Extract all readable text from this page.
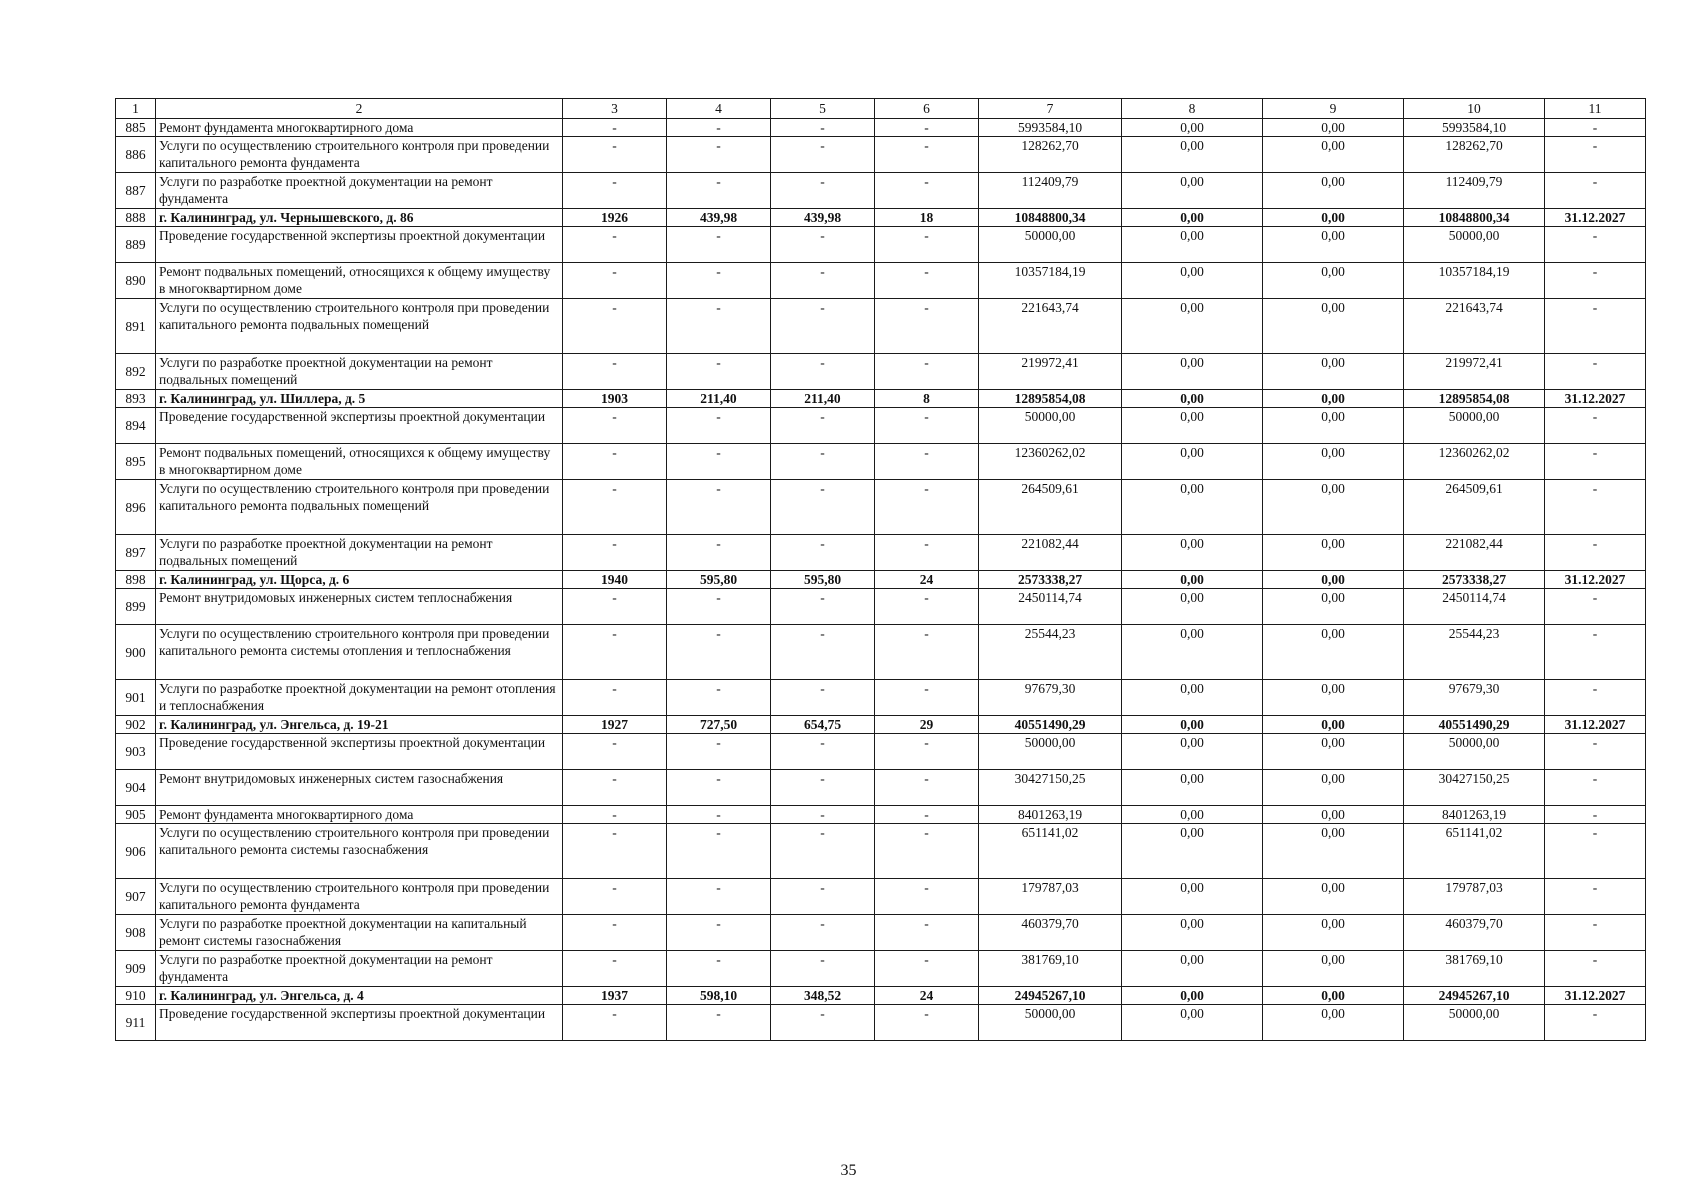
1	2	3	4	5	6	7	8	9	10	11
885	Ремонт фундамента многоквартирного дома	-	-	-	-	5993584,10	0,00	0,00	5993584,10	-
886	Услуги по осуществлению строительного контроля при проведении капитального ремонта фундамента	-	-	-	-	128262,70	0,00	0,00	128262,70	-
887	Услуги по разработке проектной документации на ремонт фундамента	-	-	-	-	112409,79	0,00	0,00	112409,79	-
888	г. Калининград, ул. Чернышевского, д. 86	1926	439,98	439,98	18	10848800,34	0,00	0,00	10848800,34	31.12.2027
889	Проведение государственной экспертизы проектной документации	-	-	-	-	50000,00	0,00	0,00	50000,00	-
890	Ремонт подвальных помещений, относящихся к общему имуществу в многоквартирном доме	-	-	-	-	10357184,19	0,00	0,00	10357184,19	-
891	Услуги по осуществлению строительного контроля при проведении капитального ремонта подвальных помещений	-	-	-	-	221643,74	0,00	0,00	221643,74	-
892	Услуги по разработке проектной документации на ремонт подвальных помещений	-	-	-	-	219972,41	0,00	0,00	219972,41	-
893	г. Калининград, ул. Шиллера, д. 5	1903	211,40	211,40	8	12895854,08	0,00	0,00	12895854,08	31.12.2027
894	Проведение государственной экспертизы проектной документации	-	-	-	-	50000,00	0,00	0,00	50000,00	-
895	Ремонт подвальных помещений, относящихся к общему имуществу в многоквартирном доме	-	-	-	-	12360262,02	0,00	0,00	12360262,02	-
896	Услуги по осуществлению строительного контроля при проведении капитального ремонта подвальных помещений	-	-	-	-	264509,61	0,00	0,00	264509,61	-
897	Услуги по разработке проектной документации на ремонт подвальных помещений	-	-	-	-	221082,44	0,00	0,00	221082,44	-
898	г. Калининград, ул. Щорса, д. 6	1940	595,80	595,80	24	2573338,27	0,00	0,00	2573338,27	31.12.2027
899	Ремонт внутридомовых инженерных систем теплоснабжения	-	-	-	-	2450114,74	0,00	0,00	2450114,74	-
900	Услуги по осуществлению строительного контроля при проведении капитального ремонта системы отопления и теплоснабжения	-	-	-	-	25544,23	0,00	0,00	25544,23	-
901	Услуги по разработке проектной документации на ремонт отопления и теплоснабжения	-	-	-	-	97679,30	0,00	0,00	97679,30	-
902	г. Калининград, ул. Энгельса, д. 19-21	1927	727,50	654,75	29	40551490,29	0,00	0,00	40551490,29	31.12.2027
903	Проведение государственной экспертизы проектной документации	-	-	-	-	50000,00	0,00	0,00	50000,00	-
904	Ремонт внутридомовых инженерных систем газоснабжения	-	-	-	-	30427150,25	0,00	0,00	30427150,25	-
905	Ремонт фундамента многоквартирного дома	-	-	-	-	8401263,19	0,00	0,00	8401263,19	-
906	Услуги по осуществлению строительного контроля при проведении капитального ремонта системы газоснабжения	-	-	-	-	651141,02	0,00	0,00	651141,02	-
907	Услуги по осуществлению строительного контроля при проведении капитального ремонта фундамента	-	-	-	-	179787,03	0,00	0,00	179787,03	-
908	Услуги по разработке проектной документации на капитальный ремонт системы газоснабжения	-	-	-	-	460379,70	0,00	0,00	460379,70	-
909	Услуги по разработке проектной документации на ремонт фундамента	-	-	-	-	381769,10	0,00	0,00	381769,10	-
910	г. Калининград, ул. Энгельса, д. 4	1937	598,10	348,52	24	24945267,10	0,00	0,00	24945267,10	31.12.2027
911	Проведение государственной экспертизы проектной документации	-	-	-	-	50000,00	0,00	0,00	50000,00	-
35
